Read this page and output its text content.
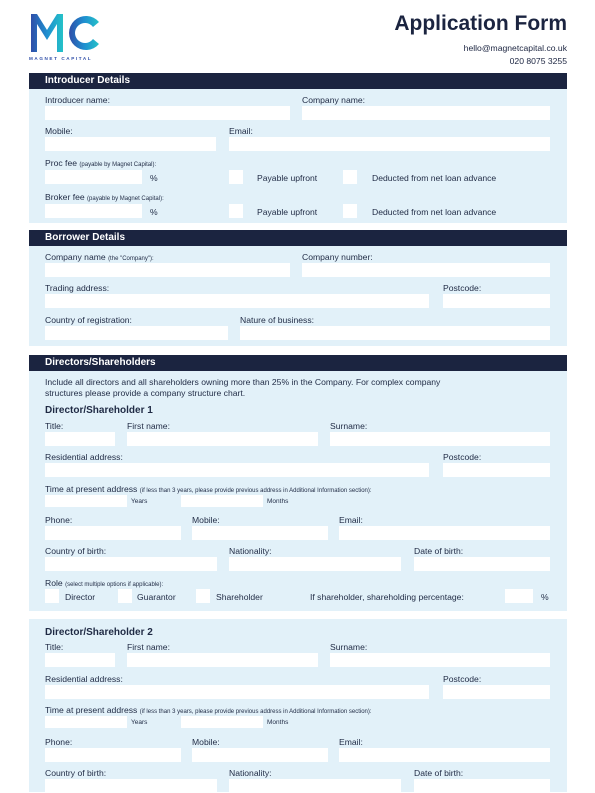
MAGNET CAPITAL
Application Form
hello@magnetcapital.co.uk
020 8075 3255
Introducer Details
Introducer name:	Company name:
Mobile:	Email:
Proc fee (payable by Magnet Capital):
%	Payable upfront	Deducted from net loan advance
Broker fee (payable by Magnet Capital):
%	Payable upfront	Deducted from net loan advance
Borrower Details
Company name (the "Company"):	Company number:
Trading address:	Postcode:
Country of registration:	Nature of business:
Directors/Shareholders
Include all directors and all shareholders owning more than 25% in the Company. For complex company
structures please provide a company structure chart.
Director/Shareholder 1
Title:	First name:	Surname:
Residential address:	Postcode:
Time at present address (if less than 3 years, please provide previous address in Additional Information section):
Years	Months
Phone:	Mobile:	Email:
Country of birth:	Nationality:	Date of birth:
Role (select multiple options if applicable):
Director	Guarantor	Shareholder	If shareholder, shareholding percentage:	%
Director/Shareholder 2
Title:	First name:	Surname:
Residential address:	Postcode:
Time at present address (if less than 3 years, please provide previous address in Additional Information section):
Years	Months
Phone:	Mobile:	Email:
Country of birth:	Nationality:	Date of birth:
